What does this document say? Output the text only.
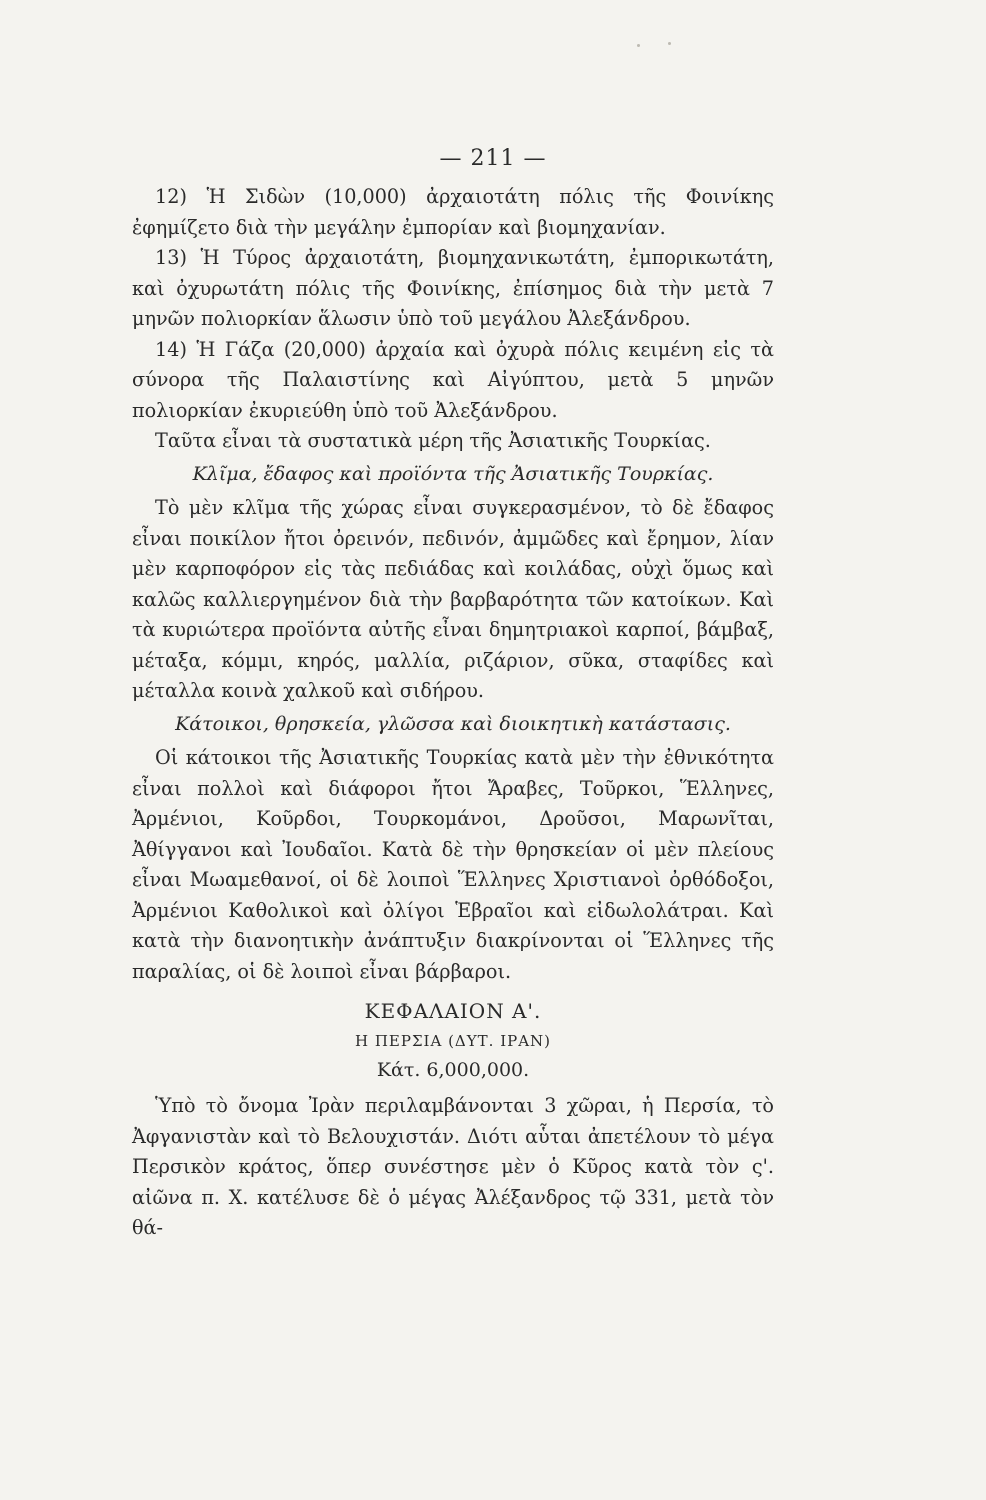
— 211 —

12) Ἡ Σιδὼν (10,000) ἀρχαιοτάτη πόλις τῆς Φοινίκης ἐφημίζετο διὰ τὴν μεγάλην ἐμπορίαν καὶ βιομηχανίαν.

13) Ἡ Τύρος ἀρχαιοτάτη, βιομηχανικωτάτη, ἐμπορικωτάτη, καὶ ὀχυρωτάτη πόλις τῆς Φοινίκης, ἐπίσημος διὰ τὴν μετὰ 7 μηνῶν πολιορκίαν ἅλωσιν ὑπὸ τοῦ μεγάλου Ἀλεξάνδρου.

14) Ἡ Γάζα (20,000) ἀρχαία καὶ ὀχυρὰ πόλις κειμένη εἰς τὰ σύνορα τῆς Παλαιστίνης καὶ Αἰγύπτου, μετὰ 5 μηνῶν πολιορκίαν ἐκυριεύθη ὑπὸ τοῦ Ἀλεξάνδρου.

Ταῦτα εἶναι τὰ συστατικὰ μέρη τῆς Ἀσιατικῆς Τουρκίας.

Κλῖμα, ἔδαφος καὶ προϊόντα τῆς Ἀσιατικῆς Τουρκίας.

Τὸ μὲν κλῖμα τῆς χώρας εἶναι συγκερασμένον, τὸ δὲ ἔδαφος εἶναι ποικίλον ἤτοι ὀρεινόν, πεδινόν, ἀμμῶδες καὶ ἔρημον, λίαν μὲν καρποφόρον εἰς τὰς πεδιάδας καὶ κοιλάδας, οὐχὶ ὅμως καὶ καλῶς καλλιεργημένον διὰ τὴν βαρβαρότητα τῶν κατοίκων. Καὶ τὰ κυριώτερα προϊόντα αὐτῆς εἶναι δημητριακοὶ καρποί, βάμβαξ, μέταξα, κόμμι, κηρός, μαλλία, ριζάριον, σῦκα, σταφίδες καὶ μέταλλα κοινὰ χαλκοῦ καὶ σιδήρου.

Κάτοικοι, θρησκεία, γλῶσσα καὶ διοικητικὴ κατάστασις.

Οἱ κάτοικοι τῆς Ἀσιατικῆς Τουρκίας κατὰ μὲν τὴν ἐθνικότητα εἶναι πολλοὶ καὶ διάφοροι ἤτοι Ἄραβες, Τοῦρκοι, Ἕλληνες, Ἀρμένιοι, Κοῦρδοι, Τουρκομάνοι, Δροῦσοι, Μαρωνῖται, Ἀθίγγανοι καὶ Ἰουδαῖοι. Κατὰ δὲ τὴν θρησκείαν οἱ μὲν πλείους εἶναι Μωαμεθανοί, οἱ δὲ λοιποὶ Ἕλληνες Χριστιανοὶ ὀρθόδοξοι, Ἀρμένιοι Καθολικοὶ καὶ ὀλίγοι Ἑβραῖοι καὶ εἰδωλολάτραι. Καὶ κατὰ τὴν διανοητικὴν ἀνάπτυξιν διακρίνονται οἱ Ἕλληνες τῆς παραλίας, οἱ δὲ λοιποὶ εἶναι βάρβαροι.

ΚΕΦΑΛΑΙΟΝ Α'.
Η ΠΕΡΣΙΑ (ΔΥΤ. ΙΡΑΝ)
Κάτ. 6,000,000.

Ὑπὸ τὸ ὄνομα Ἰρὰν περιλαμβάνονται 3 χῶραι, ἡ Περσία, τὸ Ἀφγανιστὰν καὶ τὸ Βελουχιστάν. Διότι αὗται ἀπετέλουν τὸ μέγα Περσικὸν κράτος, ὅπερ συνέστησε μὲν ὁ Κῦρος κατὰ τὸν ς'. αἰῶνα π. Χ. κατέλυσε δὲ ὁ μέγας Ἀλέξανδρος τῷ 331, μετὰ τὸν θά-
